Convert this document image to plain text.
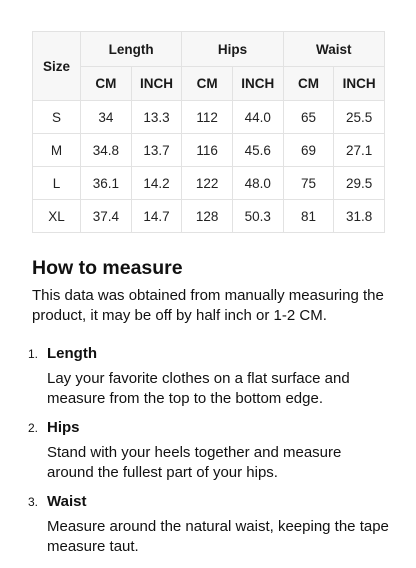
Size	Length		Hips		Waist	
	CM	INCH	CM	INCH	CM	INCH
S	34	13.3	112	44.0	65	25.5
M	34.8	13.7	116	45.6	69	27.1
L	36.1	14.2	122	48.0	75	29.5
XL	37.4	14.7	128	50.3	81	31.8
How to measure

This data was obtained from manually measuring the product, it may be off by half inch or 1-2 CM.

1. Length
Lay your favorite clothes on a flat surface and measure from the top to the bottom edge.
2. Hips
Stand with your heels together and measure around the fullest part of your hips.
3. Waist
Measure around the natural waist, keeping the tape measure taut.
